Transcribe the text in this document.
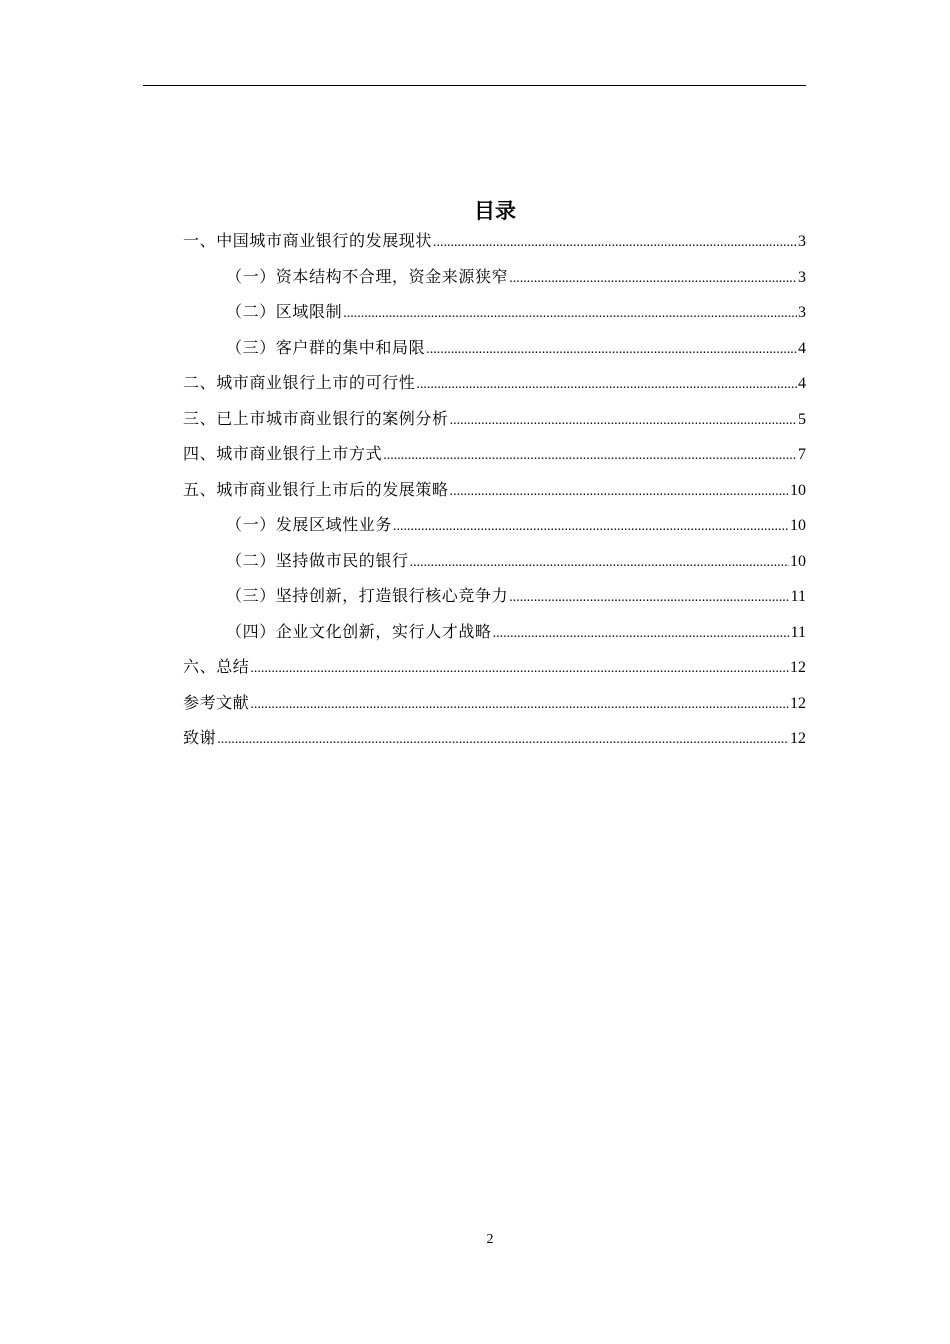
目录
一、中国城市商业银行的发展现状 .....	3
（一）资本结构不合理，资金来源狭窄 .....	3
（二）区域限制 .....	3
（三）客户群的集中和局限 .....	4
二、城市商业银行上市的可行性 .....	4
三、已上市城市商业银行的案例分析 .....	5
四、城市商业银行上市方式 .....	7
五、城市商业银行上市后的发展策略 .....	10
（一）发展区域性业务 .....	10
（二）坚持做市民的银行 .....	10
（三）坚持创新，打造银行核心竞争力 .....	11
（四）企业文化创新，实行人才战略 .....	11
六、总结 .....	12
参考文献 .....	12
致谢 .....	12
2
